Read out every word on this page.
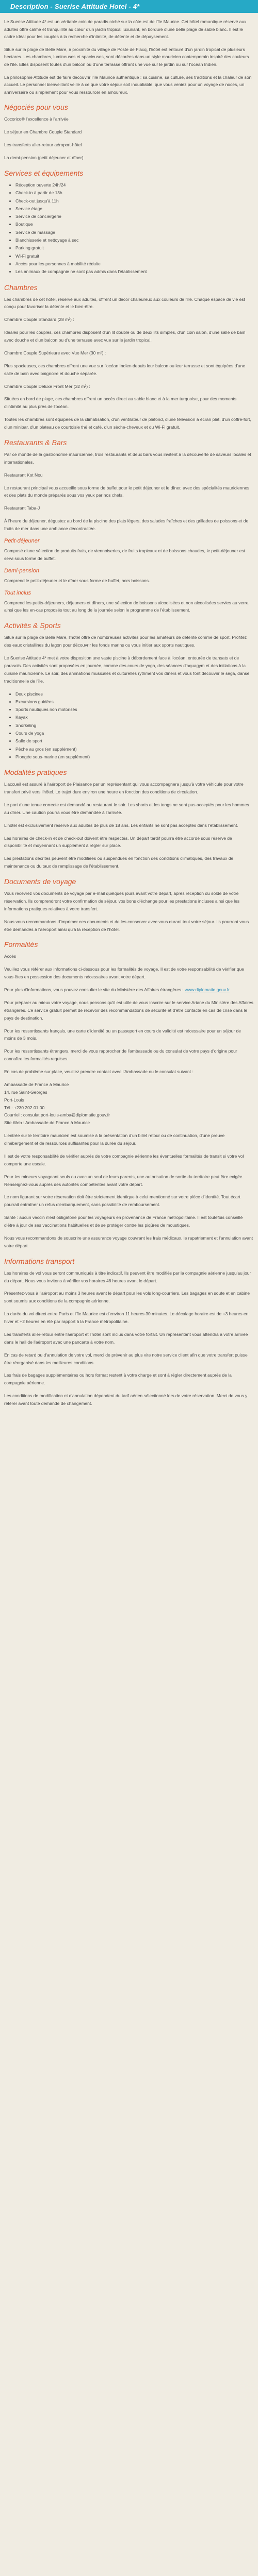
Description - Suerise Attitude Hotel - 4*

Le Suerise Attitude 4* est un véritable coin de paradis niché sur la côte est de l'île Maurice. Cet hôtel romantique réservé aux adultes offre calme et tranquillité au cœur d'un jardin tropical luxuriant, en bordure d'une belle plage de sable blanc. Il est le cadre idéal pour les couples à la recherche d'intimité, de détente et de dépaysement.

Situé sur la plage de Belle Mare, à proximité du village de Poste de Flacq, l'hôtel est entouré d'un jardin tropical de plusieurs hectares. Les chambres, lumineuses et spacieuses, sont décorées dans un style mauricien contemporain inspiré des couleurs de l'île. Elles disposent toutes d'un balcon ou d'une terrasse offrant une vue sur le jardin ou sur l'océan Indien.

La philosophie Attitude est de faire découvrir l'île Maurice authentique : sa cuisine, sa culture, ses traditions et la chaleur de son accueil. Le personnel bienveillant veille à ce que votre séjour soit inoubliable, que vous veniez pour un voyage de noces, un anniversaire ou simplement pour vous ressourcer en amoureux.

Négociés pour vous

Cocorico® l'excellence à l'arrivée

Le séjour en Chambre Couple Standard

Les transferts aller-retour aéroport-hôtel

La demi-pension (petit déjeuner et dîner)

Services et équipements
• Réception ouverte 24h/24
• Check-in à partir de 13h
• Check-out jusqu'à 11h
• Service étage
• Service de conciergerie
• Boutique
• Service de massage
• Blanchisserie et nettoyage à sec
• Parking gratuit
• Wi-Fi gratuit
• Accès pour les personnes à mobilité réduite
• Les animaux de compagnie ne sont pas admis dans l'établissement
Chambres

Les chambres de cet hôtel, réservé aux adultes, offrent un décor chaleureux aux couleurs de l'île. Chaque espace de vie est conçu pour favoriser la détente et le bien-être.

Chambre Couple Standard (28 m²) :

Idéales pour les couples, ces chambres disposent d'un lit double ou de deux lits simples, d'un coin salon, d'une salle de bain avec douche et d'un balcon ou d'une terrasse avec vue sur le jardin tropical.

Chambre Couple Supérieure avec Vue Mer (30 m²) :

Plus spacieuses, ces chambres offrent une vue sur l'océan Indien depuis leur balcon ou leur terrasse et sont équipées d'une salle de bain avec baignoire et douche séparée.

Chambre Couple Deluxe Front Mer (32 m²) :

Situées en bord de plage, ces chambres offrent un accès direct au sable blanc et à la mer turquoise, pour des moments d'intimité au plus près de l'océan.

Toutes les chambres sont équipées de la climatisation, d'un ventilateur de plafond, d'une télévision à écran plat, d'un coffre-fort, d'un minibar, d'un plateau de courtoisie thé et café, d'un sèche-cheveux et du Wi-Fi gratuit.

Restaurants & Bars

Par ce monde de la gastronomie mauricienne, trois restaurants et deux bars vous invitent à la découverte de saveurs locales et internationales.

Restaurant Kot Nou

Le restaurant principal vous accueille sous forme de buffet pour le petit déjeuner et le dîner, avec des spécialités mauriciennes et des plats du monde préparés sous vos yeux par nos chefs.

Restaurant Taba-J

À l'heure du déjeuner, dégustez au bord de la piscine des plats légers, des salades fraîches et des grillades de poissons et de fruits de mer dans une ambiance décontractée.

Petit-déjeuner

Composé d'une sélection de produits frais, de viennoiseries, de fruits tropicaux et de boissons chaudes, le petit-déjeuner est servi sous forme de buffet.

Demi-pension

Comprend le petit-déjeuner et le dîner sous forme de buffet, hors boissons.

Tout inclus

Comprend les petits-déjeuners, déjeuners et dîners, une sélection de boissons alcoolisées et non alcoolisées servies au verre, ainsi que les en-cas proposés tout au long de la journée selon le programme de l'établissement.

Activités & Sports

Situé sur la plage de Belle Mare, l'hôtel offre de nombreuses activités pour les amateurs de détente comme de sport. Profitez des eaux cristallines du lagon pour découvrir les fonds marins ou vous initier aux sports nautiques.

Le Suerise Attitude 4* met à votre disposition une vaste piscine à débordement face à l'océan, entourée de transats et de parasols. Des activités sont proposées en journée, comme des cours de yoga, des séances d'aquagym et des initiations à la cuisine mauricienne. Le soir, des animations musicales et culturelles rythment vos dîners et vous font découvrir le séga, danse traditionnelle de l'île.

• Deux piscines
• Excursions guidées
• Sports nautiques non motorisés
• Kayak
• Snorkeling
• Cours de yoga
• Salle de sport
• Pêche au gros (en supplément)
• Plongée sous-marine (en supplément)
Modalités pratiques

L'accueil est assuré à l'aéroport de Plaisance par un représentant qui vous accompagnera jusqu'à votre véhicule pour votre transfert privé vers l'hôtel. Le trajet dure environ une heure en fonction des conditions de circulation.

Le port d'une tenue correcte est demandé au restaurant le soir. Les shorts et les tongs ne sont pas acceptés pour les hommes au dîner. Une caution pourra vous être demandée à l'arrivée.

L'hôtel est exclusivement réservé aux adultes de plus de 18 ans. Les enfants ne sont pas acceptés dans l'établissement.

Les horaires de check-in et de check-out doivent être respectés. Un départ tardif pourra être accordé sous réserve de disponibilité et moyennant un supplément à régler sur place.

Les prestations décrites peuvent être modifiées ou suspendues en fonction des conditions climatiques, des travaux de maintenance ou du taux de remplissage de l'établissement.

Documents de voyage

Vous recevrez vos documents de voyage par e-mail quelques jours avant votre départ, après réception du solde de votre réservation. Ils comprendront votre confirmation de séjour, vos bons d'échange pour les prestations incluses ainsi que les informations pratiques relatives à votre transfert.

Nous vous recommandons d'imprimer ces documents et de les conserver avec vous durant tout votre séjour. Ils pourront vous être demandés à l'aéroport ainsi qu'à la réception de l'hôtel.

Formalités

Accès

Veuillez vous référer aux informations ci-dessous pour les formalités de voyage. Il est de votre responsabilité de vérifier que vous êtes en possession des documents nécessaires avant votre départ.

Pour plus d'informations, vous pouvez consulter le site du Ministère des Affaires étrangères : www.diplomatie.gouv.fr

Pour préparer au mieux votre voyage, nous pensons qu'il est utile de vous inscrire sur le service Ariane du Ministère des Affaires étrangères. Ce service gratuit permet de recevoir des recommandations de sécurité et d'être contacté en cas de crise dans le pays de destination.

Pour les ressortissants français, une carte d'identité ou un passeport en cours de validité est nécessaire pour un séjour de moins de 3 mois.

Pour les ressortissants étrangers, merci de vous rapprocher de l'ambassade ou du consulat de votre pays d'origine pour connaître les formalités requises.

En cas de problème sur place, veuillez prendre contact avec l'Ambassade ou le consulat suivant :

Ambassade de France à Maurice
14, rue Saint-Georges
Port-Louis
Tél : +230 202 01 00
Courriel : consulat.port-louis-amba@diplomatie.gouv.fr
Site Web : Ambassade de France à Maurice

L'entrée sur le territoire mauricien est soumise à la présentation d'un billet retour ou de continuation, d'une preuve d'hébergement et de ressources suffisantes pour la durée du séjour.

Il est de votre responsabilité de vérifier auprès de votre compagnie aérienne les éventuelles formalités de transit si votre vol comporte une escale.

Pour les mineurs voyageant seuls ou avec un seul de leurs parents, une autorisation de sortie du territoire peut être exigée. Renseignez-vous auprès des autorités compétentes avant votre départ.

Le nom figurant sur votre réservation doit être strictement identique à celui mentionné sur votre pièce d'identité. Tout écart pourrait entraîner un refus d'embarquement, sans possibilité de remboursement.

Santé : aucun vaccin n'est obligatoire pour les voyageurs en provenance de France métropolitaine. Il est toutefois conseillé d'être à jour de ses vaccinations habituelles et de se protéger contre les piqûres de moustiques.

Nous vous recommandons de souscrire une assurance voyage couvrant les frais médicaux, le rapatriement et l'annulation avant votre départ.

Informations transport

Les horaires de vol vous seront communiqués à titre indicatif. Ils peuvent être modifiés par la compagnie aérienne jusqu'au jour du départ. Nous vous invitons à vérifier vos horaires 48 heures avant le départ.

Présentez-vous à l'aéroport au moins 3 heures avant le départ pour les vols long-courriers. Les bagages en soute et en cabine sont soumis aux conditions de la compagnie aérienne.

La durée du vol direct entre Paris et l'île Maurice est d'environ 11 heures 30 minutes. Le décalage horaire est de +3 heures en hiver et +2 heures en été par rapport à la France métropolitaine.

Les transferts aller-retour entre l'aéroport et l'hôtel sont inclus dans votre forfait. Un représentant vous attendra à votre arrivée dans le hall de l'aéroport avec une pancarte à votre nom.

En cas de retard ou d'annulation de votre vol, merci de prévenir au plus vite notre service client afin que votre transfert puisse être réorganisé dans les meilleures conditions.

Les frais de bagages supplémentaires ou hors format restent à votre charge et sont à régler directement auprès de la compagnie aérienne.

Les conditions de modification et d'annulation dépendent du tarif aérien sélectionné lors de votre réservation. Merci de vous y référer avant toute demande de changement.
